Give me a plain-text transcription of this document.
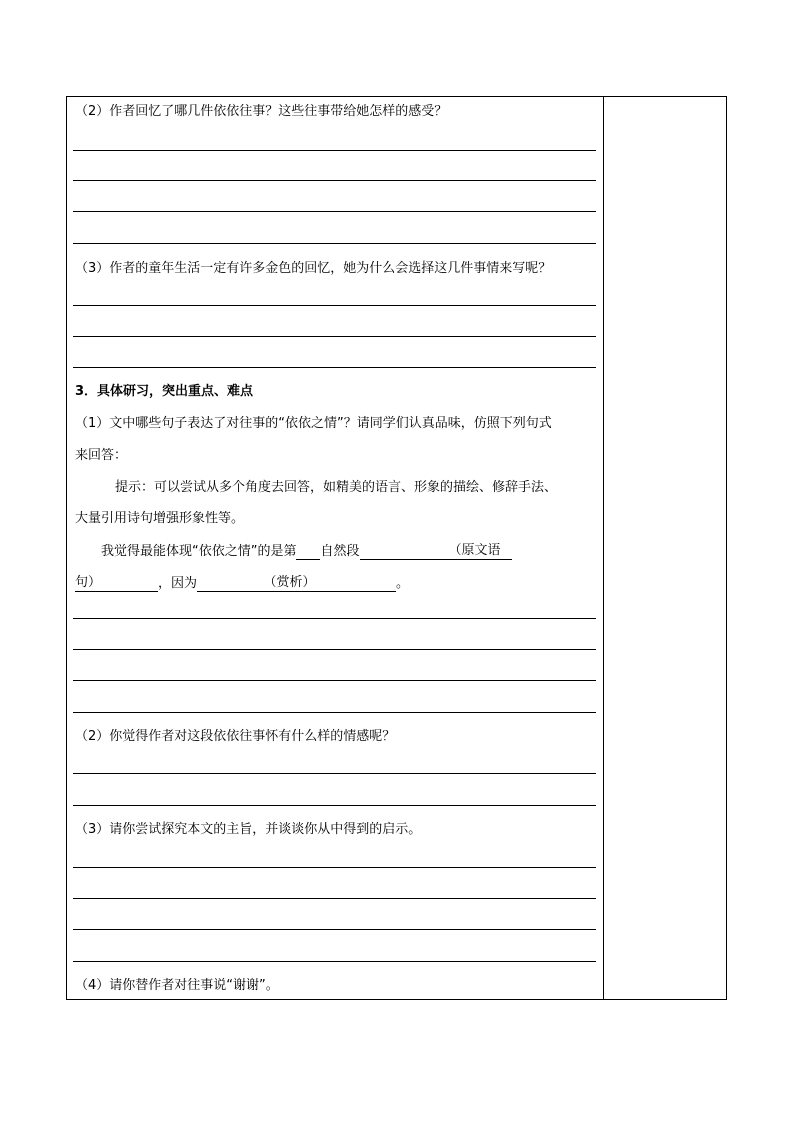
（2）作者回忆了哪几件依依往事？这些往事带给她怎样的感受？
（3）作者的童年生活一定有许多金色的回忆，她为什么会选择这几件事情来写呢？
3．具体研习，突出重点、难点
（1）文中哪些句子表达了对往事的“依依之情”？请同学们认真品味，仿照下列句式
来回答：
提示：可以尝试从多个角度去回答，如精美的语言、形象的描绘、修辞手法、
大量引用诗句增强形象性等。
我觉得最能体现“依依之情”的是第 自然段	（原文语
句）	，因为	（赏析）	。
（2）你觉得作者对这段依依往事怀有什么样的情感呢？
（3）请你尝试探究本文的主旨，并谈谈你从中得到的启示。
（4）请你替作者对往事说“谢谢”。
